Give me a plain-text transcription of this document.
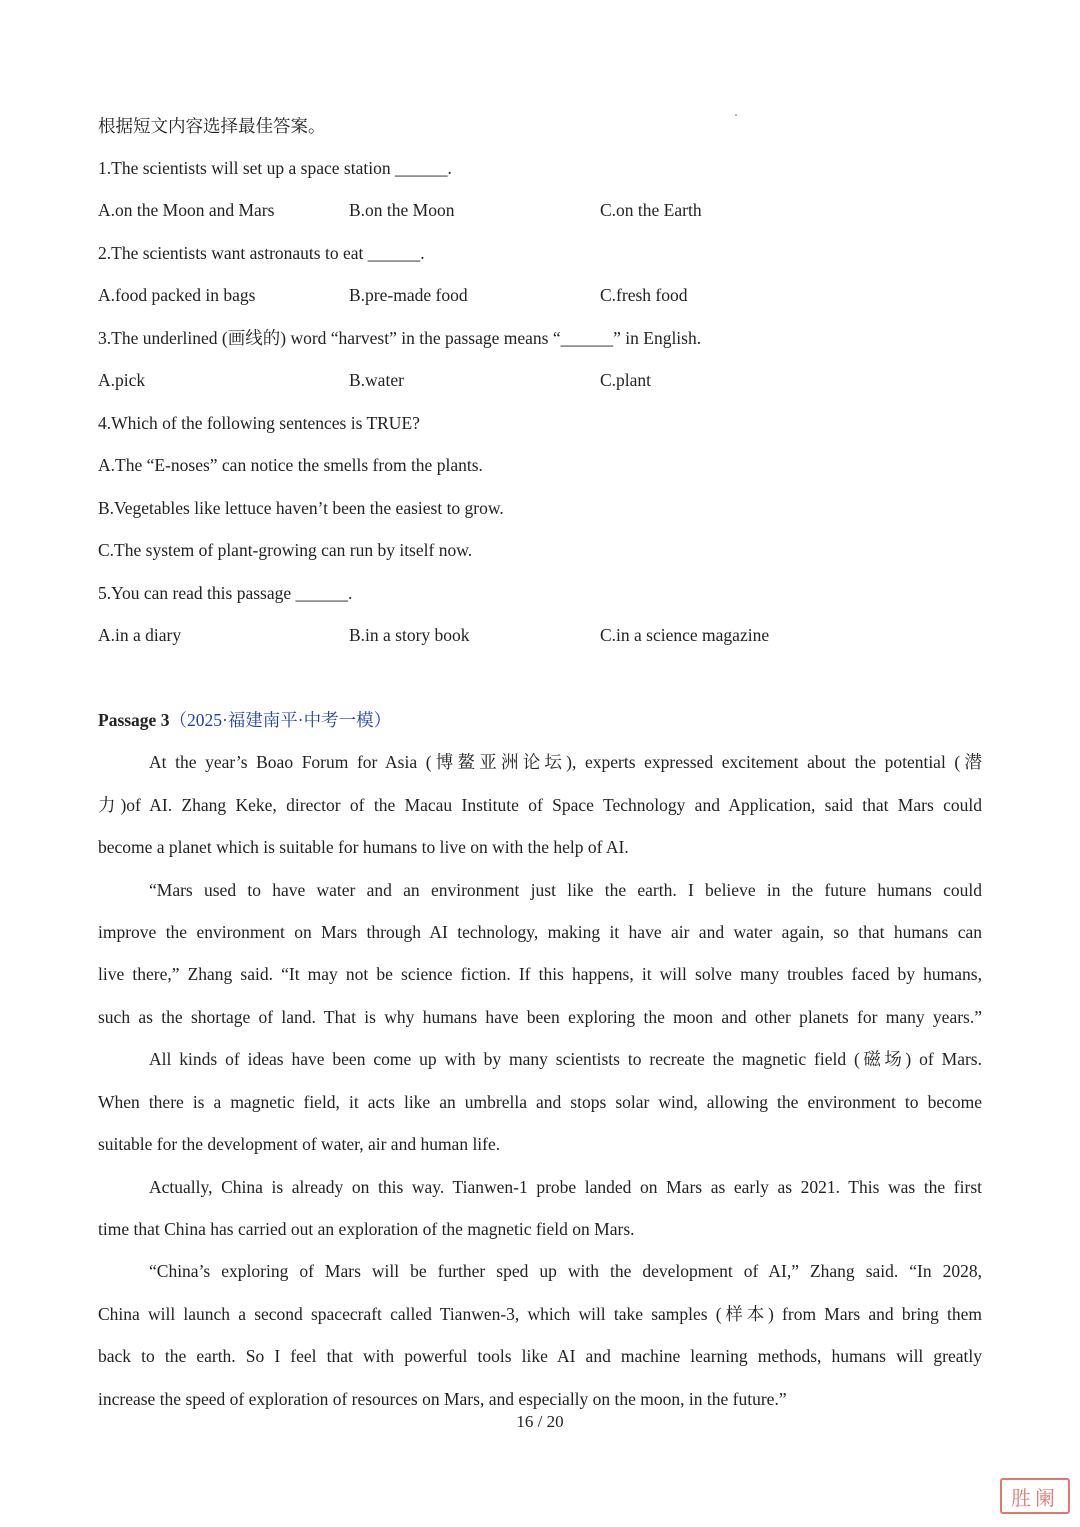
根据短文内容选择最佳答案。
1.The scientists will set up a space station ______.
A.on the Moon and Mars	B.on the Moon	C.on the Earth
2.The scientists want astronauts to eat ______.
A.food packed in bags	B.pre-made food	C.fresh food
3.The underlined (画线的) word “harvest” in the passage means “______” in English.
A.pick	B.water	C.plant
4.Which of the following sentences is TRUE?
A.The “E-noses” can notice the smells from the plants.
B.Vegetables like lettuce haven’t been the easiest to grow.
C.The system of plant-growing can run by itself now.
5.You can read this passage ______.
A.in a diary	B.in a story book	C.in a science magazine
Passage 3（2025·福建南平·中考一模）
At the year’s Boao Forum for Asia (博鳌亚洲论坛), experts expressed excitement about the potential (潜
力)of AI. Zhang Keke, director of the Macau Institute of Space Technology and Application, said that Mars could
become a planet which is suitable for humans to live on with the help of AI.
“Mars used to have water and an environment just like the earth. I believe in the future humans could
improve the environment on Mars through AI technology, making it have air and water again, so that humans can
live there,” Zhang said. “It may not be science fiction. If this happens, it will solve many troubles faced by humans,
such as the shortage of land. That is why humans have been exploring the moon and other planets for many years.”
All kinds of ideas have been come up with by many scientists to recreate the magnetic field (磁场) of Mars.
When there is a magnetic field, it acts like an umbrella and stops solar wind, allowing the environment to become
suitable for the development of water, air and human life.
Actually, China is already on this way. Tianwen-1 probe landed on Mars as early as 2021. This was the first
time that China has carried out an exploration of the magnetic field on Mars.
“China’s exploring of Mars will be further sped up with the development of AI,” Zhang said. “In 2028,
China will launch a second spacecraft called Tianwen-3, which will take samples (样本) from Mars and bring them
back to the earth. So I feel that with powerful tools like AI and machine learning methods, humans will greatly
increase the speed of exploration of resources on Mars, and especially on the moon, in the future.”
16 / 20
胜阑
